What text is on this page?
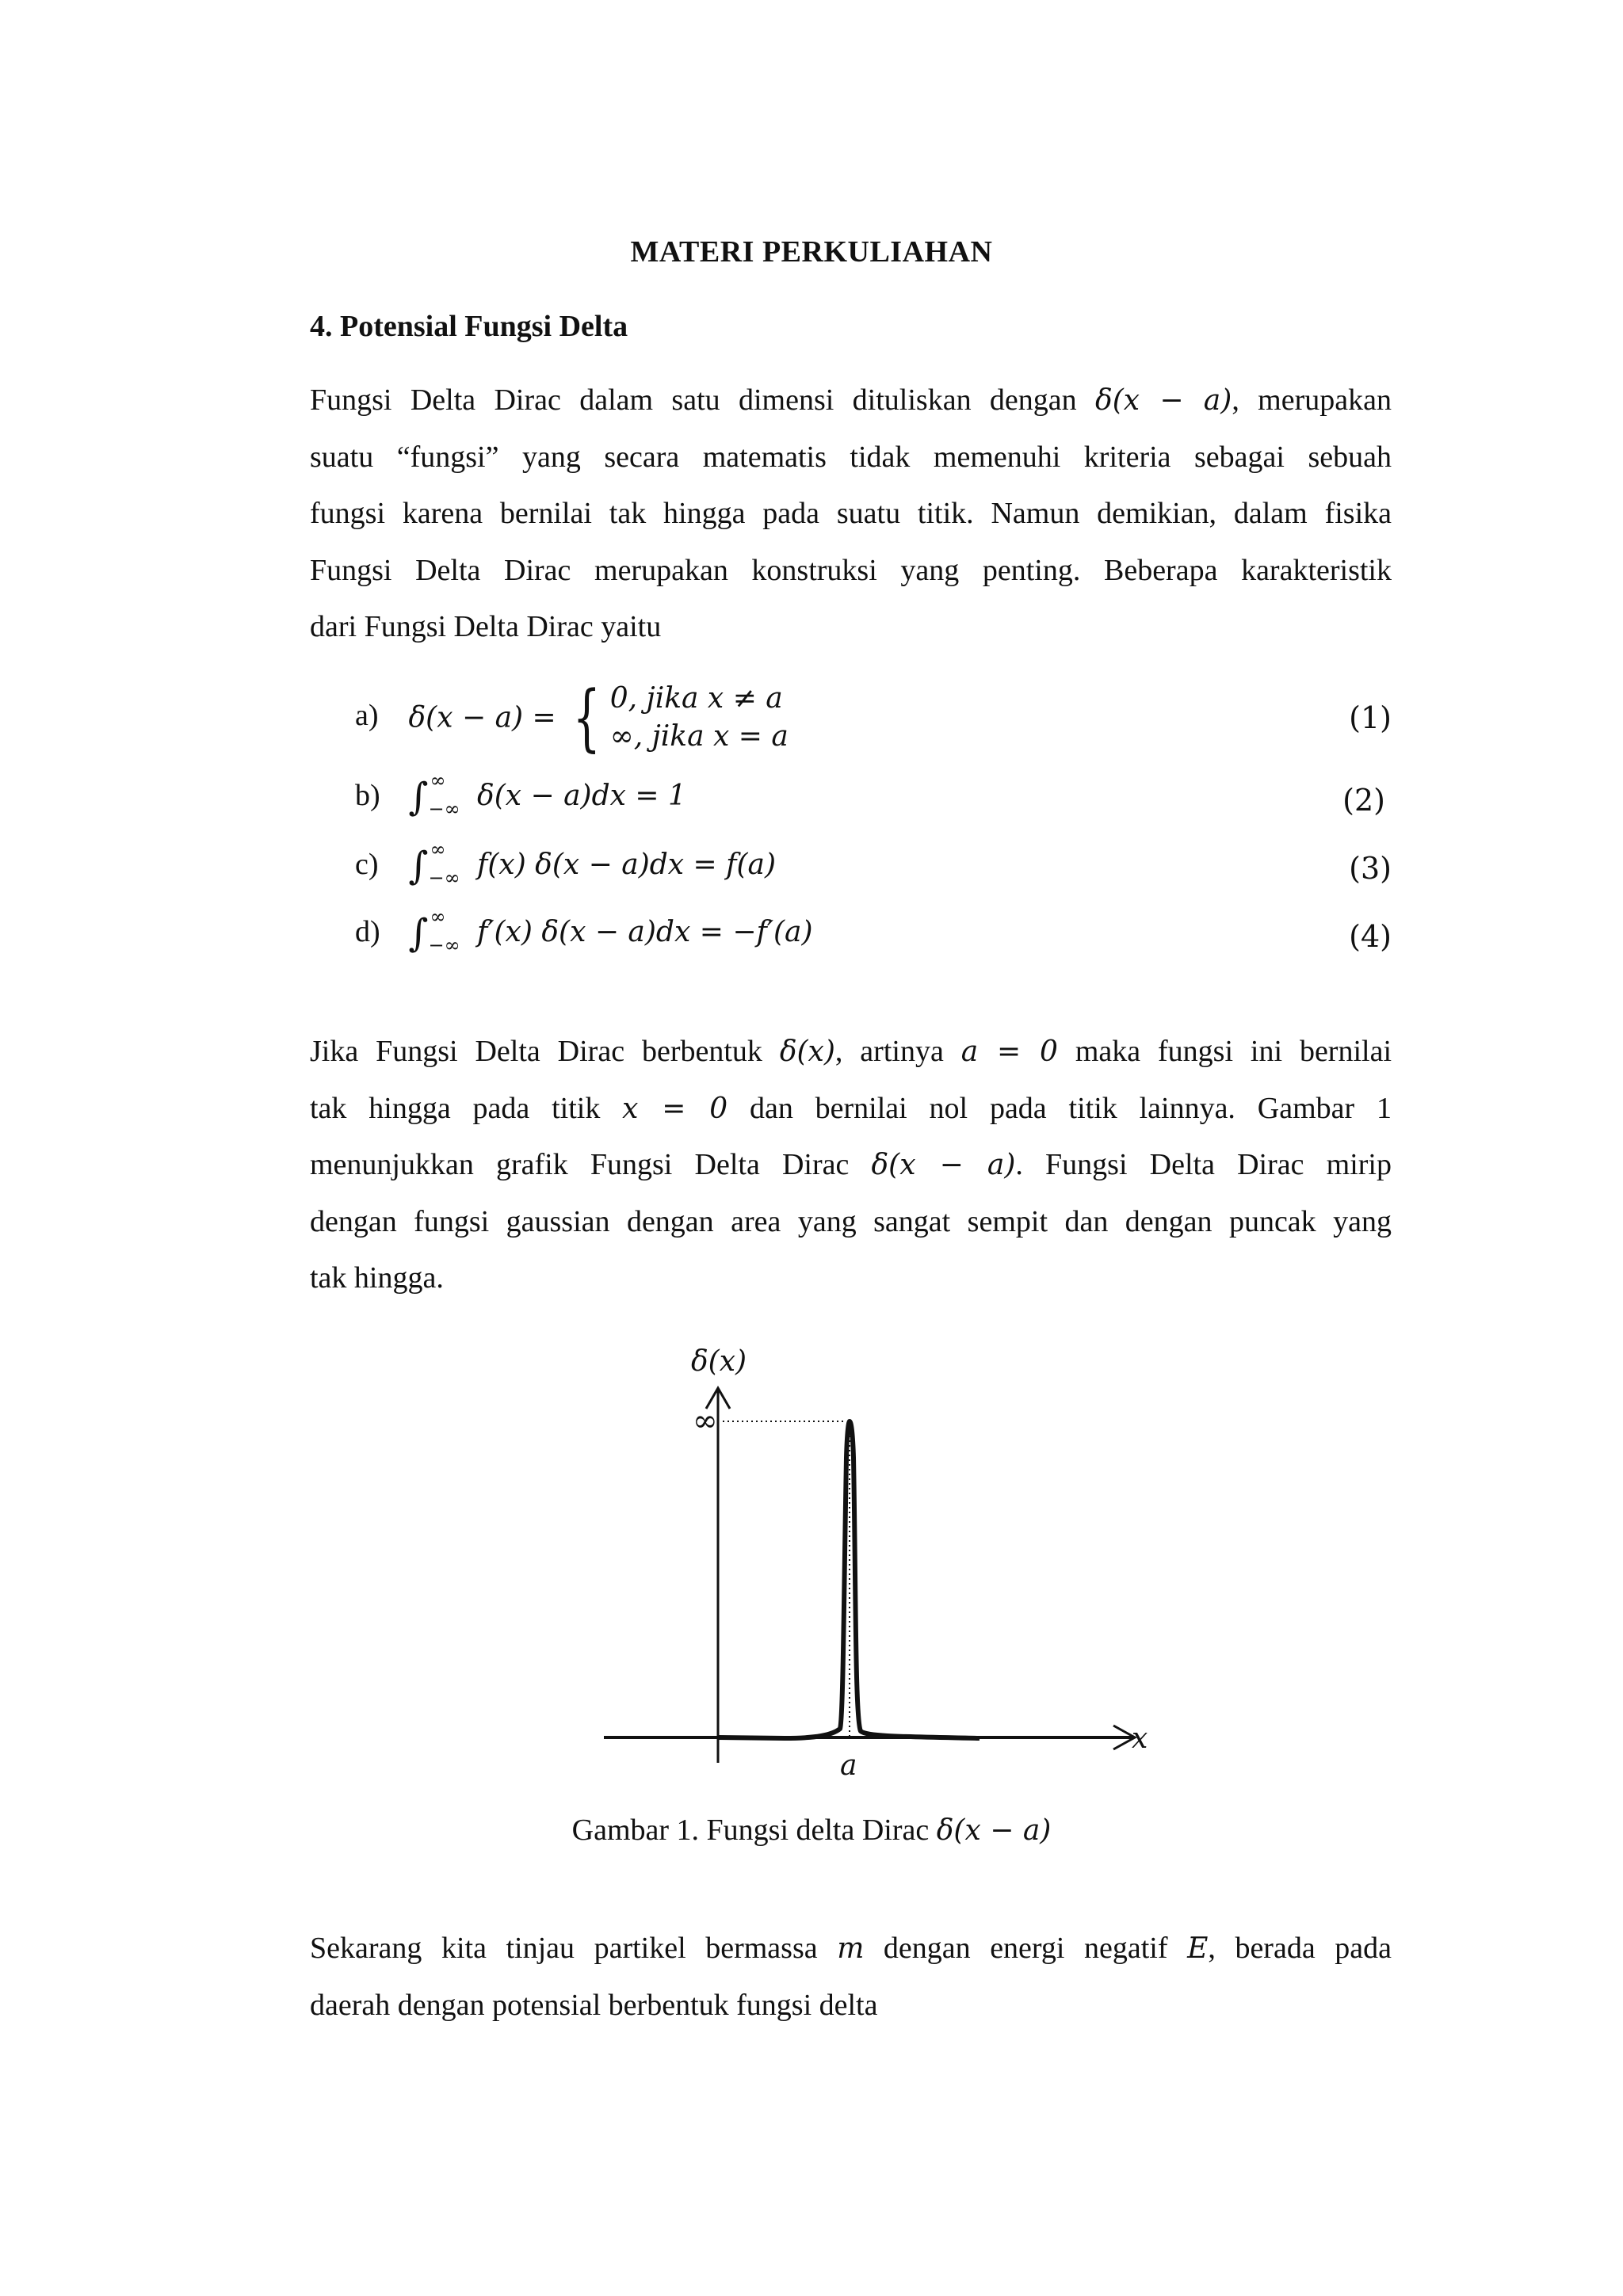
MATERI PERKULIAHAN
4. Potensial Fungsi Delta
Fungsi Delta Dirac dalam satu dimensi dituliskan dengan δ(x − a), merupakan
suatu “fungsi” yang secara matematis tidak memenuhi kriteria sebagai sebuah
fungsi karena bernilai tak hingga pada suatu titik. Namun demikian, dalam fisika
Fungsi Delta Dirac merupakan konstruksi yang penting. Beberapa karakteristik
dari Fungsi Delta Dirac yaitu
a) δ(x − a) = { 0, jika x ≠ a
∞, jika x = a
(1)
b) ∫ ∞
−∞ δ(x − a)dx = 1	(2)
c) ∫ ∞
−∞ f(x) δ(x − a)dx = f(a)	(3)
d) ∫ ∞
−∞ f′(x) δ(x − a)dx = −f′(a)	(4)
Jika Fungsi Delta Dirac berbentuk δ(x), artinya a = 0 maka fungsi ini bernilai
tak hingga pada titik x = 0 dan bernilai nol pada titik lainnya. Gambar 1
menunjukkan grafik Fungsi Delta Dirac δ(x − a). Fungsi Delta Dirac mirip
dengan fungsi gaussian dengan area yang sangat sempit dan dengan puncak yang
tak hingga.
δ(x)
∞
x
a
Gambar 1. Fungsi delta Dirac δ(x − a)
Sekarang kita tinjau partikel bermassa m dengan energi negatif E, berada pada
daerah dengan potensial berbentuk fungsi delta
